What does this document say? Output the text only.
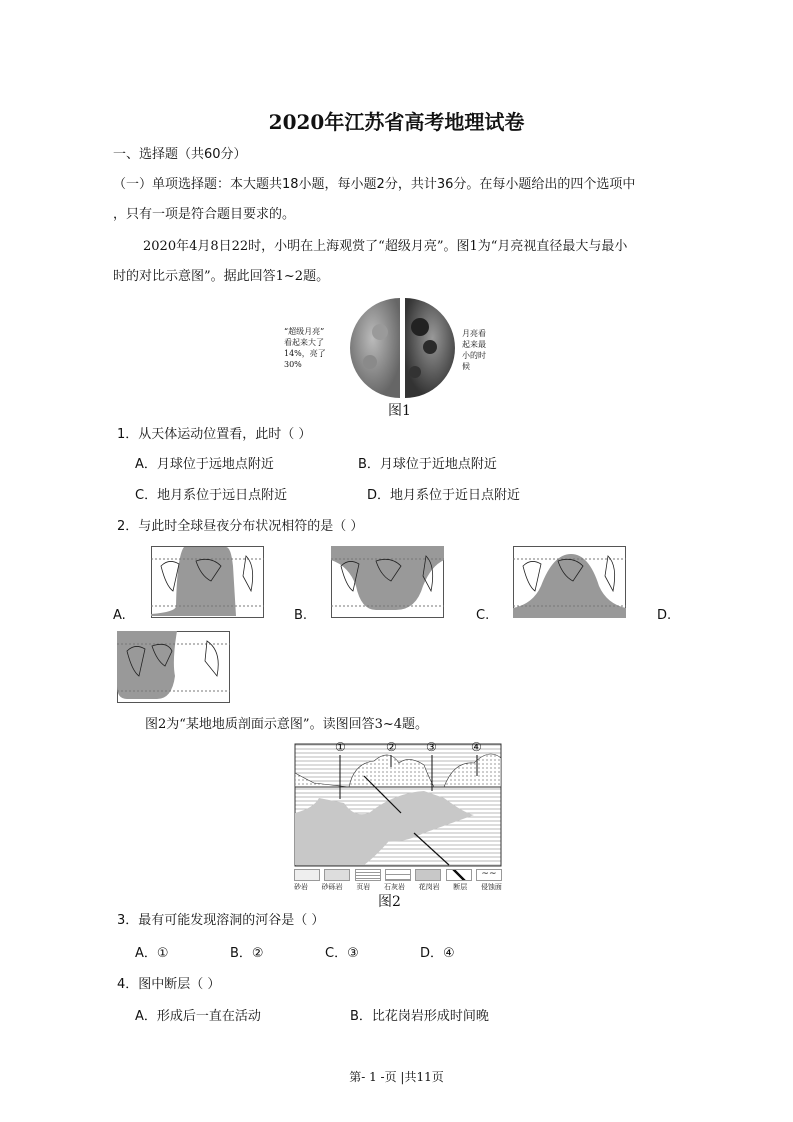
2020年江苏省高考地理试卷
一、选择题（共60分）
（一）单项选择题：本大题共18小题，每小题2分，共计36分。在每小题给出的四个选项中
，只有一项是符合题目要求的。
2020年4月8日22时，小明在上海观赏了“超级月亮”。图1为“月亮视直径最大与最小
时的对比示意图”。据此回答1~2题。
“超级月亮”
看起来大了
14%，亮了
30%
月亮看
起来最
小的时
候
图1
1．从天体运动位置看，此时（ ）
A．月球位于远地点附近	B．月球位于近地点附近
C．地月系位于远日点附近	D．地月系位于近日点附近
2．与此时全球昼夜分布状况相符的是（ ）
A.	B.	C.	D.
图2为“某地地质剖面示意图”。读图回答3~4题。
①	② ③	④
~~
砂岩 砂砾岩 页岩 石灰岩 花岗岩 断层 侵蚀面
图2
3．最有可能发现溶洞的河谷是（ ）
A．①	B．②	C．③	D．④
4．图中断层（ ）
A．形成后一直在活动	B．比花岗岩形成时间晚
第- 1 -页 |共11页
